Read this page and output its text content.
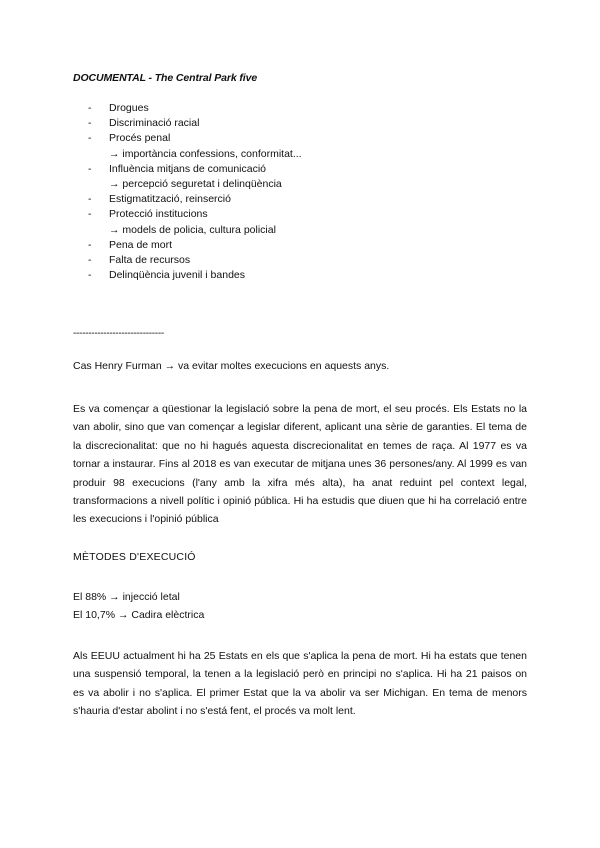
DOCUMENTAL - The Central Park five
- Drogues
- Discriminació racial
- Procés penal
→ importància confessions, conformitat...
- Influència mitjans de comunicació
→ percepció seguretat i delinqüència
- Estigmatització, reinserció
- Protecció institucions
→ models de policia, cultura policial
- Pena de mort
- Falta de recursos
- Delinqüència juvenil i bandes
------------------------------

Cas Henry Furman → va evitar moltes execucions en aquests anys.

Es va començar a qüestionar la legislació sobre la pena de mort, el seu procés. Els Estats no la van abolir, sino que van començar a legislar diferent, aplicant una sèrie de garanties. El tema de la discrecionalitat: que no hi hagués aquesta discrecionalitat en temes de raça. Al 1977 es va tornar a instaurar. Fins al 2018 es van executar de mitjana unes 36 persones/any. Al 1999 es van produir 98 execucions (l'any amb la xifra més alta), ha anat reduint pel context legal, transformacions a nivell polític i opinió pública. Hi ha estudis que diuen que hi ha correlació entre les execucions i l'opinió pública

MÈTODES D'EXECUCIÓ

El 88% → injecció letal

El 10,7% → Cadira elèctrica

Als EEUU actualment hi ha 25 Estats en els que s'aplica la pena de mort. Hi ha estats que tenen una suspensió temporal, la tenen a la legislació però en principi no s'aplica. Hi ha 21 paisos on es va abolir i no s'aplica. El primer Estat que la va abolir va ser Michigan. En tema de menors s'hauria d'estar abolint i no s'está fent, el procés va molt lent.
